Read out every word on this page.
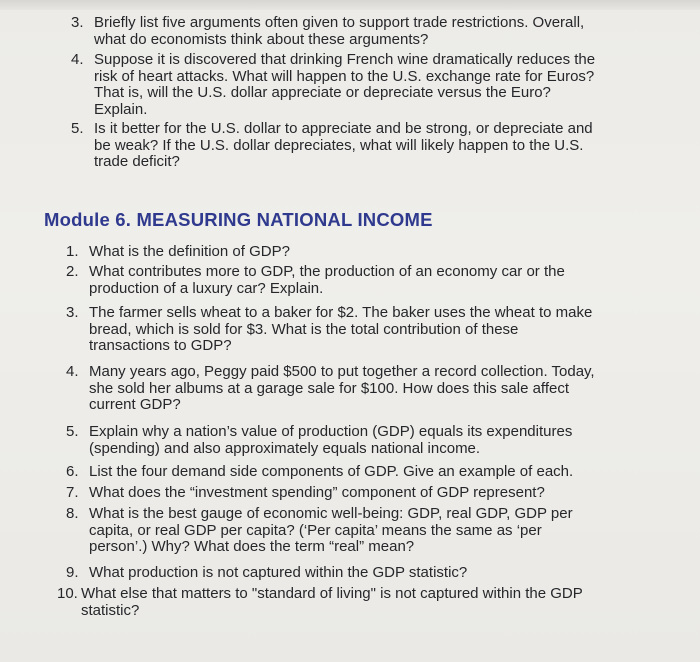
3. Briefly list five arguments often given to support trade restrictions. Overall,
what do economists think about these arguments?
4. Suppose it is discovered that drinking French wine dramatically reduces the
risk of heart attacks. What will happen to the U.S. exchange rate for Euros?
That is, will the U.S. dollar appreciate or depreciate versus the Euro?
Explain.
5. Is it better for the U.S. dollar to appreciate and be strong, or depreciate and
be weak? If the U.S. dollar depreciates, what will likely happen to the U.S.
trade deficit?
Module 6. MEASURING NATIONAL INCOME
1. What is the definition of GDP?
2. What contributes more to GDP, the production of an economy car or the
production of a luxury car? Explain.
3. The farmer sells wheat to a baker for $2. The baker uses the wheat to make
bread, which is sold for $3. What is the total contribution of these
transactions to GDP?
4. Many years ago, Peggy paid $500 to put together a record collection. Today,
she sold her albums at a garage sale for $100. How does this sale affect
current GDP?
5. Explain why a nation’s value of production (GDP) equals its expenditures
(spending) and also approximately equals national income.
6. List the four demand side components of GDP. Give an example of each.
7. What does the “investment spending” component of GDP represent?
8. What is the best gauge of economic well-being: GDP, real GDP, GDP per
capita, or real GDP per capita? (‘Per capita’ means the same as ‘per
person’.) Why? What does the term “real” mean?
9. What production is not captured within the GDP statistic?
10. What else that matters to "standard of living" is not captured within the GDP
statistic?
